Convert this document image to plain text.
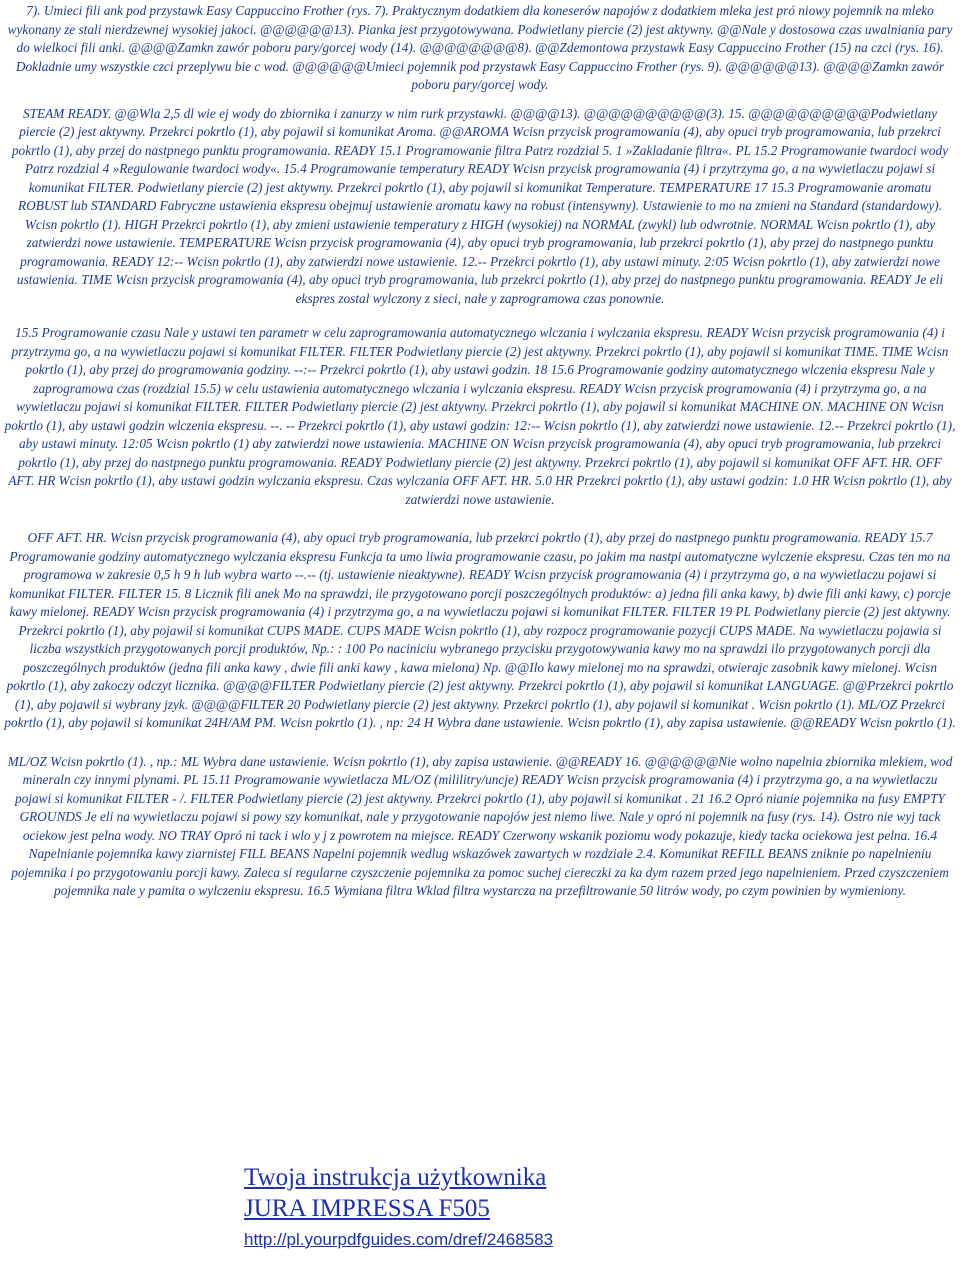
7). Umieci fili ank pod przystawk Easy Cappuccino Frother (rys. 7). Praktycznym dodatkiem dla koneserów napojów z dodatkiem mleka jest pró niowy pojemnik na mleko wykonany ze stali nierdzewnej wysokiej jakoci. @@@@@@13). Pianka jest przygotowywana. Podwietlany piercie (2) jest aktywny. @@Nale y dostosowa czas uwalniania pary do wielkoci fili anki. @@@@Zamkn zawór poboru pary/gorcej wody (14). @@@@@@@@8). @@Zdemontowa przystawk Easy Cappuccino Frother (15) na czci (rys. 16). Dokladnie umy wszystkie czci przeplywu bie c wod. @@@@@@Umieci pojemnik pod przystawk Easy Cappuccino Frother (rys. 9). @@@@@@13). @@@@Zamkn zawór poboru pary/gorcej wody.

STEAM READY. @@Wla 2,5 dl wie ej wody do zbiornika i zanurzy w nim rurk przystawki. @@@@13). @@@@@@@@@@(3). 15. @@@@@@@@@@Podwietlany piercie (2) jest aktywny. Przekrci pokrtlo (1), aby pojawil si komunikat Aroma. @@AROMA Wcisn przycisk programowania (4), aby opuci tryb programowania, lub przekrci pokrtlo (1), aby przej do nastpnego punktu programowania. READY 15.1 Programowanie filtra Patrz rozdzial 5. 1 »Zakladanie filtra«. PL 15.2 Programowanie twardoci wody Patrz rozdzial 4 »Regulowanie twardoci wody«. 15.4 Programowanie temperatury READY Wcisn przycisk programowania (4) i przytrzyma go, a na wywietlaczu pojawi si komunikat FILTER. Podwietlany piercie (2) jest aktywny. Przekrci pokrtlo (1), aby pojawil si komunikat Temperature. TEMPERATURE 17 15.3 Programowanie aromatu ROBUST lub STANDARD Fabryczne ustawienia ekspresu obejmuj ustawienie aromatu kawy na robust (intensywny). Ustawienie to mo na zmieni na Standard (standardowy). Wcisn pokrtlo (1). HIGH Przekrci pokrtlo (1), aby zmieni ustawienie temperatury z HIGH (wysokiej) na NORMAL (zwykl) lub odwrotnie. NORMAL Wcisn pokrtlo (1), aby zatwierdzi nowe ustawienie. TEMPERATURE Wcisn przycisk programowania (4), aby opuci tryb programowania, lub przekrci pokrtlo (1), aby przej do nastpnego punktu programowania. READY 12:-- Wcisn pokrtlo (1), aby zatwierdzi nowe ustawienie. 12.-- Przekrci pokrtlo (1), aby ustawi minuty. 2:05 Wcisn pokrtlo (1), aby zatwierdzi nowe ustawienia. TIME Wcisn przycisk programowania (4), aby opuci tryb programowania, lub przekrci pokrtlo (1), aby przej do nastpnego punktu programowania. READY Je eli ekspres zostal wylczony z sieci, nale y zaprogramowa czas ponownie.

15.5 Programowanie czasu Nale y ustawi ten parametr w celu zaprogramowania automatycznego wlczania i wylczania ekspresu. READY Wcisn przycisk programowania (4) i przytrzyma go, a na wywietlaczu pojawi si komunikat FILTER. FILTER Podwietlany piercie (2) jest aktywny. Przekrci pokrtlo (1), aby pojawil si komunikat TIME. TIME Wcisn pokrtlo (1), aby przej do programowania godziny. --:-- Przekrci pokrtlo (1), aby ustawi godzin. 18 15.6 Programowanie godziny automatycznego wlczenia ekspresu Nale y zaprogramowa czas (rozdzial 15.5) w celu ustawienia automatycznego wlczania i wylczania ekspresu. READY Wcisn przycisk programowania (4) i przytrzyma go, a na wywietlaczu pojawi si komunikat FILTER. FILTER Podwietlany piercie (2) jest aktywny. Przekrci pokrtlo (1), aby pojawil si komunikat MACHINE ON. MACHINE ON Wcisn pokrtlo (1), aby ustawi godzin wlczenia ekspresu. --. -- Przekrci pokrtlo (1), aby ustawi godzin: 12:-- Wcisn pokrtlo (1), aby zatwierdzi nowe ustawienie. 12.-- Przekrci pokrtlo (1), aby ustawi minuty. 12:05 Wcisn pokrtlo (1) aby zatwierdzi nowe ustawienia. MACHINE ON Wcisn przycisk programowania (4), aby opuci tryb programowania, lub przekrci pokrtlo (1), aby przej do nastpnego punktu programowania. READY Podwietlany piercie (2) jest aktywny. Przekrci pokrtlo (1), aby pojawil si komunikat OFF AFT. HR. OFF AFT. HR Wcisn pokrtlo (1), aby ustawi godzin wylczania ekspresu. Czas wylczania OFF AFT. HR. 5.0 HR Przekrci pokrtlo (1), aby ustawi godzin: 1.0 HR Wcisn pokrtlo (1), aby zatwierdzi nowe ustawienie.

OFF AFT. HR. Wcisn przycisk programowania (4), aby opuci tryb programowania, lub przekrci pokrtlo (1), aby przej do nastpnego punktu programowania. READY 15.7 Programowanie godziny automatycznego wylczania ekspresu Funkcja ta umo liwia programowanie czasu, po jakim ma nastpi automatyczne wylczenie ekspresu. Czas ten mo na programowa w zakresie 0,5 h 9 h lub wybra warto --.-- (tj. ustawienie nieaktywne). READY Wcisn przycisk programowania (4) i przytrzyma go, a na wywietlaczu pojawi si komunikat FILTER. FILTER 15. 8 Licznik fili anek Mo na sprawdzi, ile przygotowano porcji poszczególnych produktów: a) jedna fili anka kawy, b) dwie fili anki kawy, c) porcje kawy mielonej. READY Wcisn przycisk programowania (4) i przytrzyma go, a na wywietlaczu pojawi si komunikat FILTER. FILTER 19 PL Podwietlany piercie (2) jest aktywny. Przekrci pokrtlo (1), aby pojawil si komunikat CUPS MADE. CUPS MADE Wcisn pokrtlo (1), aby rozpocz programowanie pozycji CUPS MADE. Na wywietlaczu pojawia si liczba wszystkich przygotowanych porcji produktów, Np.: : 100 Po naciniciu wybranego przycisku przygotowywania kawy mo na sprawdzi ilo przygotowanych porcji dla poszczególnych produktów (jedna fili anka kawy , dwie fili anki kawy , kawa mielona) Np. @@Ilo kawy mielonej mo na sprawdzi, otwierajc zasobnik kawy mielonej. Wcisn pokrtlo (1), aby zakoczy odczyt licznika. @@@@FILTER Podwietlany piercie (2) jest aktywny. Przekrci pokrtlo (1), aby pojawil si komunikat LANGUAGE. @@Przekrci pokrtlo (1), aby pojawil si wybrany jzyk. @@@@FILTER 20 Podwietlany piercie (2) jest aktywny. Przekrci pokrtlo (1), aby pojawil si komunikat . Wcisn pokrtlo (1). ML/OZ Przekrci pokrtlo (1), aby pojawil si komunikat 24H/AM PM. Wcisn pokrtlo (1). , np: 24 H Wybra dane ustawienie. Wcisn pokrtlo (1), aby zapisa ustawienie. @@READY Wcisn pokrtlo (1).

ML/OZ Wcisn pokrtlo (1). , np.: ML Wybra dane ustawienie. Wcisn pokrtlo (1), aby zapisa ustawienie. @@READY 16. @@@@@@Nie wolno napelnia zbiornika mlekiem, wod mineraln czy innymi plynami. PL 15.11 Programowanie wywietlacza ML/OZ (mililitry/uncje) READY Wcisn przycisk programowania (4) i przytrzyma go, a na wywietlaczu pojawi si komunikat FILTER - /. FILTER Podwietlany piercie (2) jest aktywny. Przekrci pokrtlo (1), aby pojawil si komunikat . 21 16.2 Opró nianie pojemnika na fusy EMPTY GROUNDS Je eli na wywietlaczu pojawi si powy szy komunikat, nale y przygotowanie napojów jest niemo liwe. Nale y opró ni pojemnik na fusy (rys. 14). Ostro nie wyj tack ociekow jest pelna wody. NO TRAY Opró ni tack i wlo y j z powrotem na miejsce. READY Czerwony wskanik poziomu wody pokazuje, kiedy tacka ociekowa jest pelna. 16.4 Napelnianie pojemnika kawy ziarnistej FILL BEANS Napelni pojemnik wedlug wskazówek zawartych w rozdziale 2.4. Komunikat REFILL BEANS zniknie po napelnieniu pojemnika i po przygotowaniu porcji kawy. Zaleca si regularne czyszczenie pojemnika za pomoc suchej ciereczki za ka dym razem przed jego napelnieniem. Przed czyszczeniem pojemnika nale y pamita o wylczeniu ekspresu. 16.5 Wymiana filtra Wklad filtra wystarcza na przefiltrowanie 50 litrów wody, po czym powinien by wymieniony.

Twoja instrukcja użytkownika
JURA IMPRESSA F505
http://pl.yourpdfguides.com/dref/2468583
